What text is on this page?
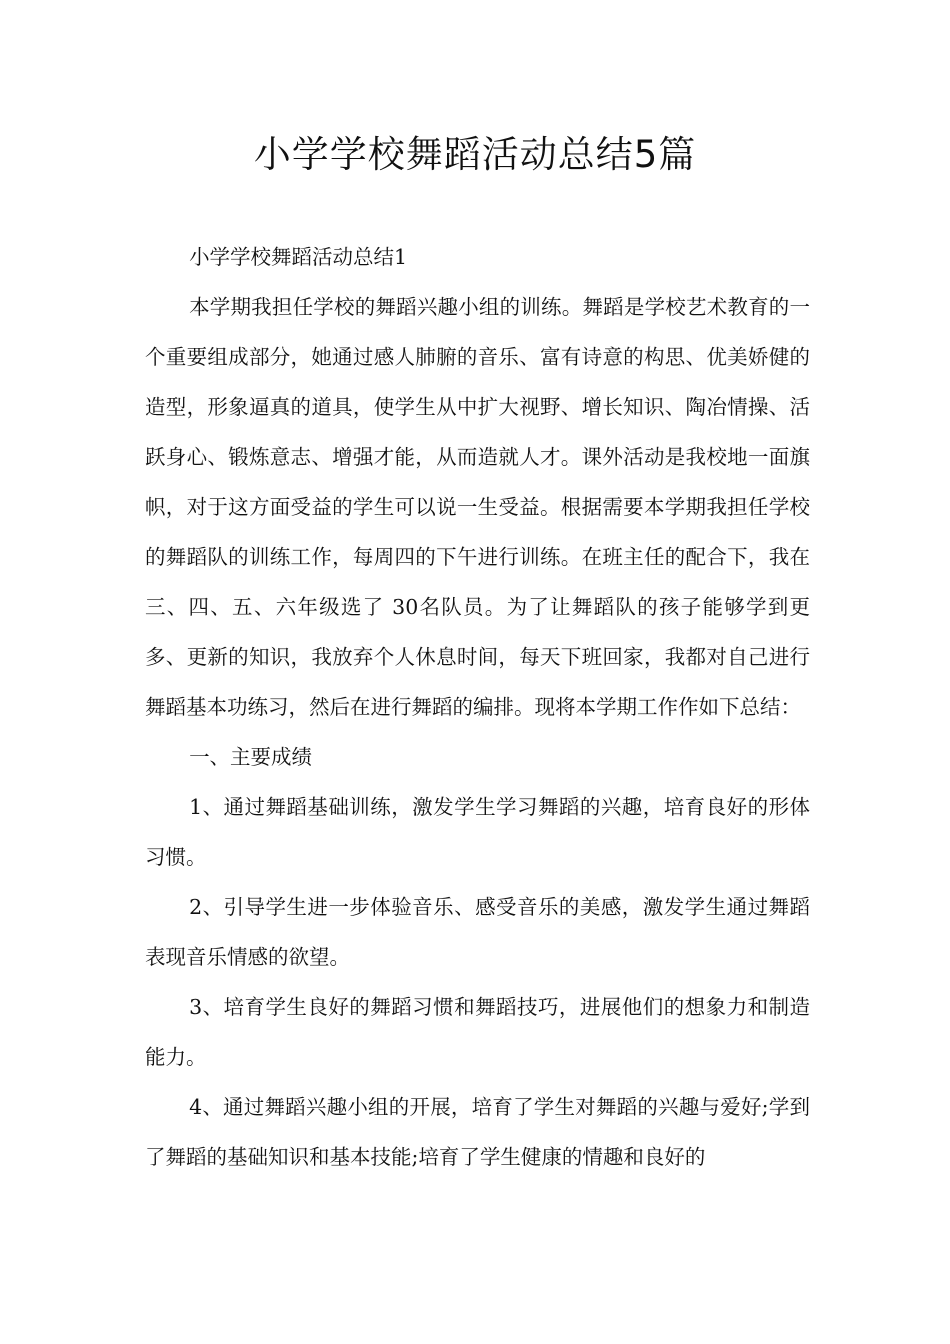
小学学校舞蹈活动总结5篇

小学学校舞蹈活动总结1

本学期我担任学校的舞蹈兴趣小组的训练。舞蹈是学校艺术教育的一个重要组成部分，她通过感人肺腑的音乐、富有诗意的构思、优美娇健的造型，形象逼真的道具，使学生从中扩大视野、增长知识、陶冶情操、活跃身心、锻炼意志、增强才能，从而造就人才。课外活动是我校地一面旗帜，对于这方面受益的学生可以说一生受益。根据需要本学期我担任学校的舞蹈队的训练工作，每周四的下午进行训练。在班主任的配合下，我在三、四、五、六年级选了 30名队员。为了让舞蹈队的孩子能够学到更多、更新的知识，我放弃个人休息时间，每天下班回家，我都对自己进行舞蹈基本功练习，然后在进行舞蹈的编排。现将本学期工作作如下总结：

一、主要成绩

1、通过舞蹈基础训练，激发学生学习舞蹈的兴趣，培育良好的形体习惯。

2、引导学生进一步体验音乐、感受音乐的美感，激发学生通过舞蹈表现音乐情感的欲望。

3、培育学生良好的舞蹈习惯和舞蹈技巧，进展他们的想象力和制造能力。

4、通过舞蹈兴趣小组的开展，培育了学生对舞蹈的兴趣与爱好;学到了舞蹈的基础知识和基本技能;培育了学生健康的情趣和良好的
